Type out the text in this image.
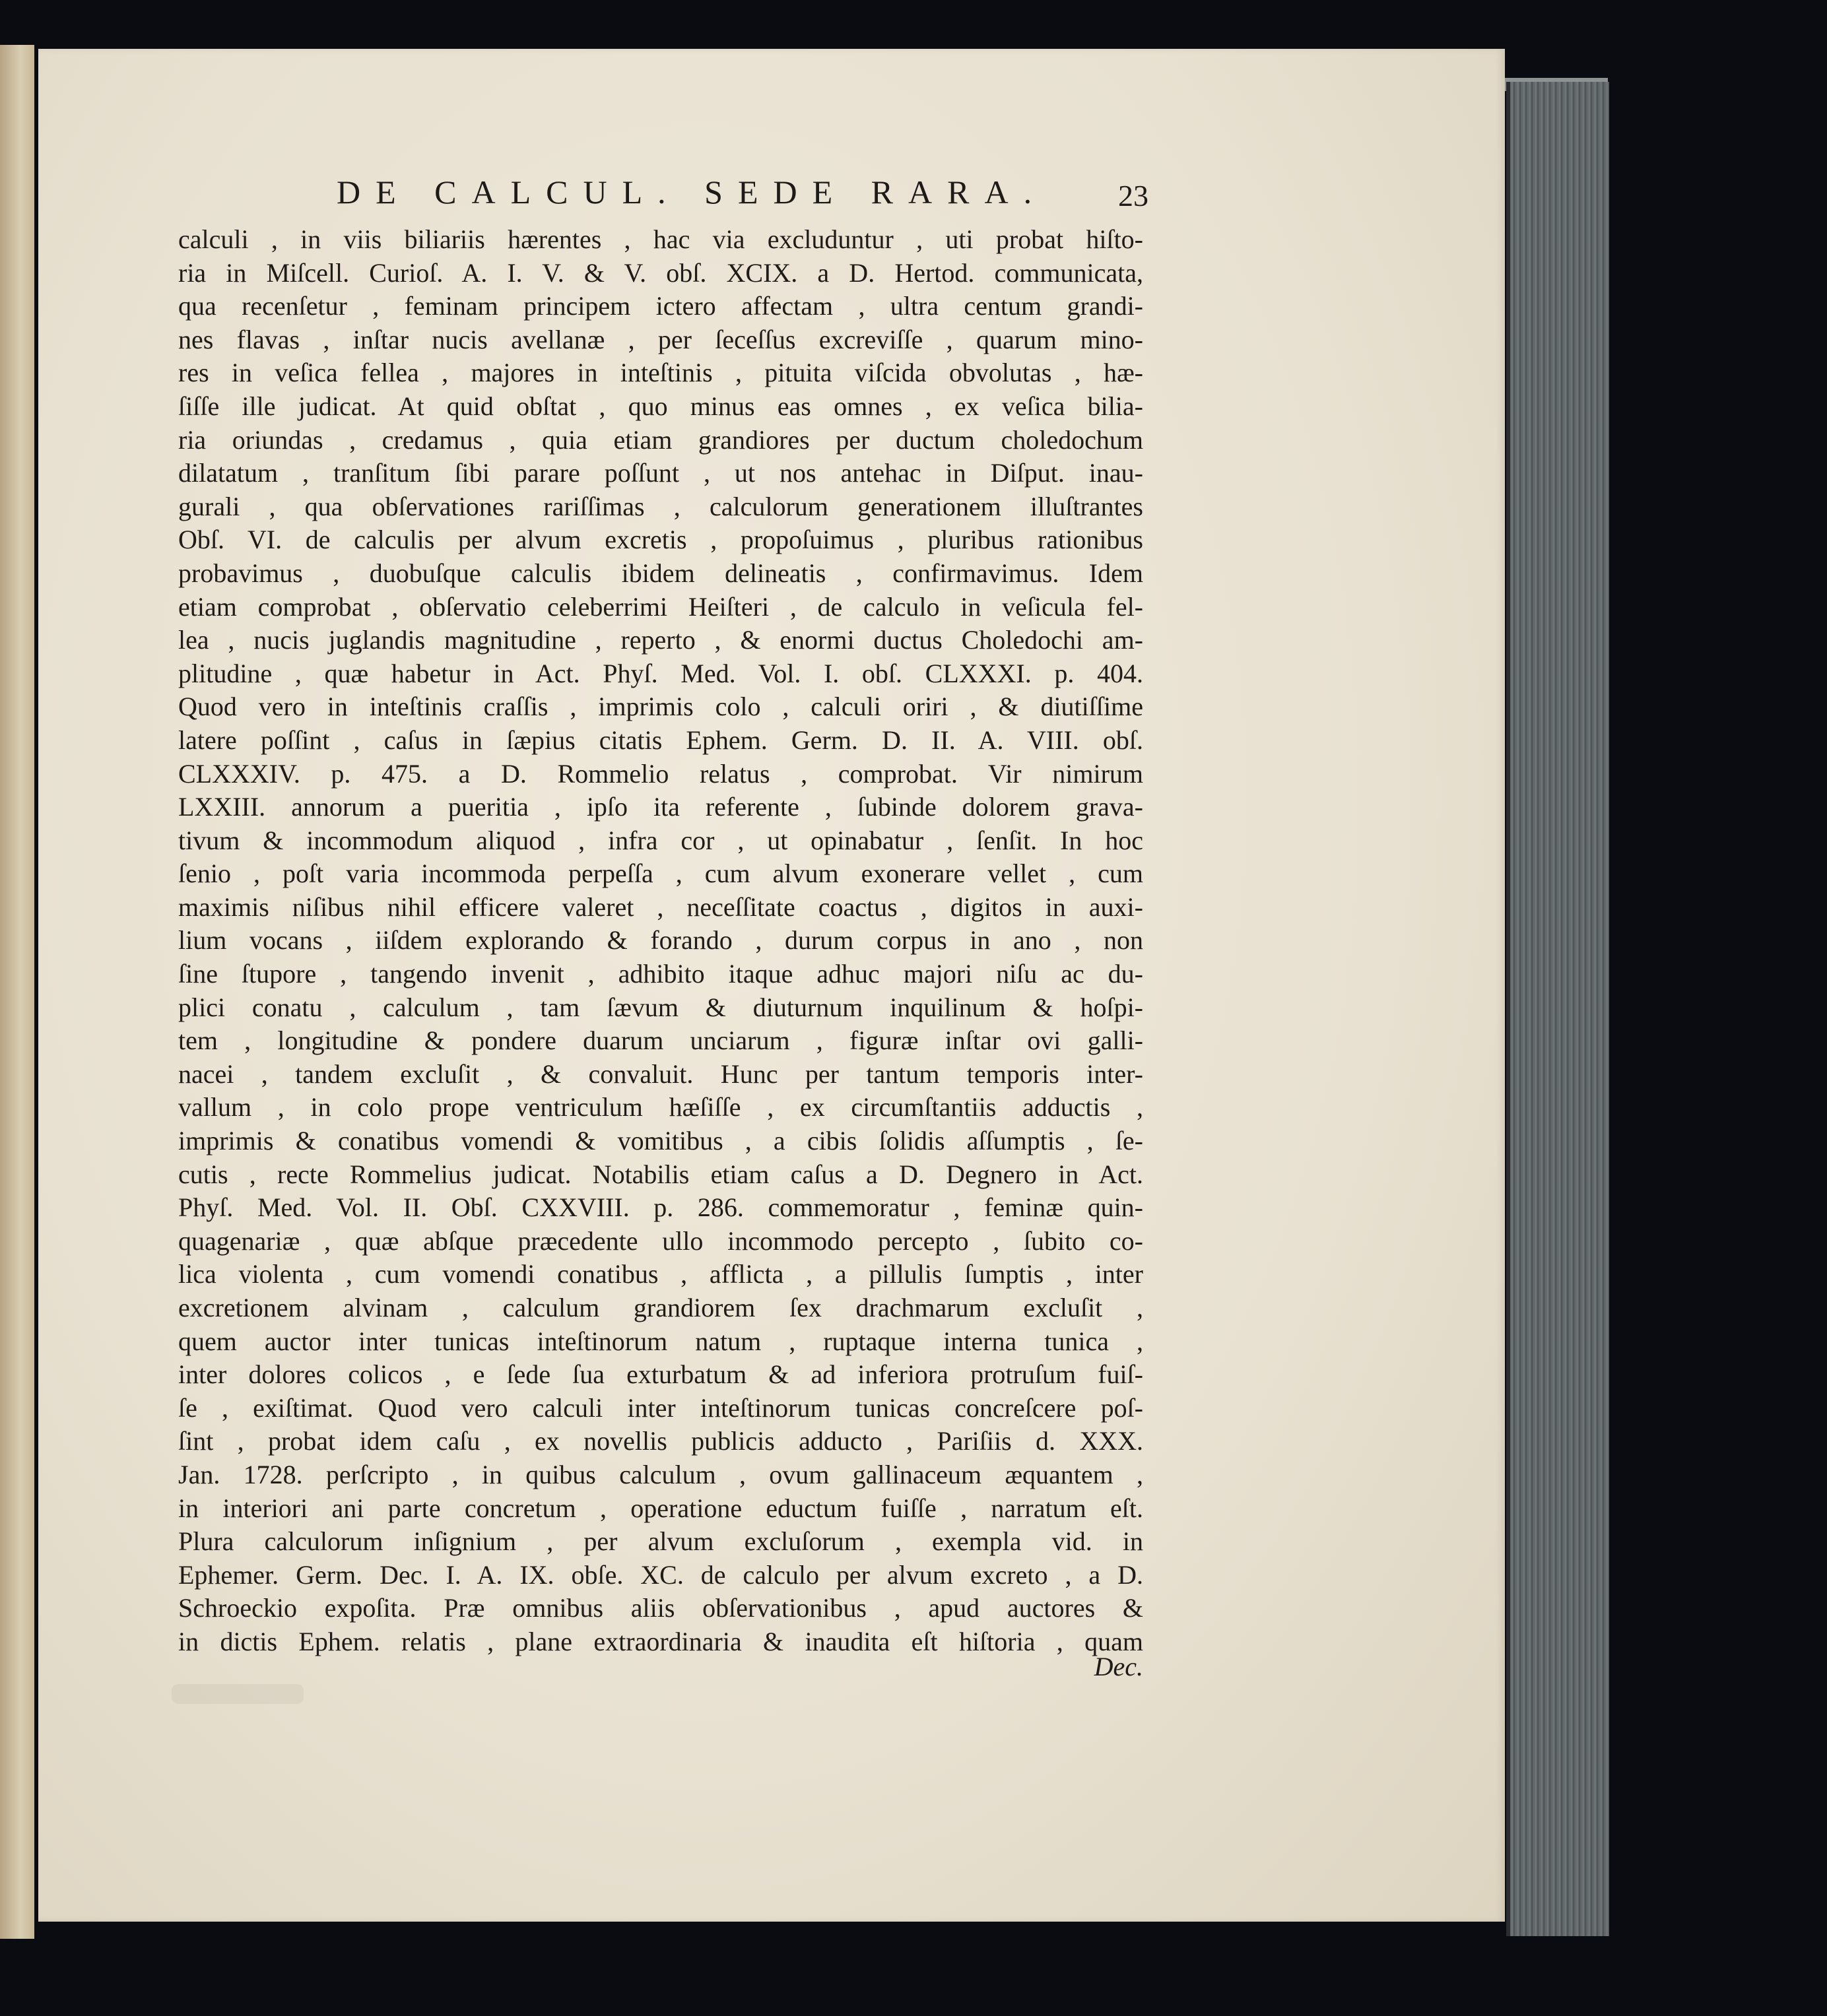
DE CALCUL. SEDE RARA. 23
calculi , in viis biliariis hærentes , hac via excluduntur , uti probat hiſto-
ria in Miſcell. Curioſ. A. I. V. & V. obſ. XCIX. a D. Hertod. communicata,
qua recenſetur , feminam principem ictero affectam , ultra centum grandi-
nes flavas , inſtar nucis avellanæ , per ſeceſſus excreviſſe , quarum mino-
res in veſica fellea , majores in inteſtinis , pituita viſcida obvolutas , hæ-
ſiſſe ille judicat. At quid obſtat , quo minus eas omnes , ex veſica bilia-
ria oriundas , credamus , quia etiam grandiores per ductum choledochum
dilatatum , tranſitum ſibi parare poſſunt , ut nos antehac in Diſput. inau-
gurali , qua obſervationes rariſſimas , calculorum generationem illuſtrantes
Obſ. VI. de calculis per alvum excretis , propoſuimus , pluribus rationibus
probavimus , duobuſque calculis ibidem delineatis , confirmavimus. Idem
etiam comprobat , obſervatio celeberrimi Heiſteri , de calculo in veſicula fel-
lea , nucis juglandis magnitudine , reperto , & enormi ductus Choledochi am-
plitudine , quæ habetur in Act. Phyſ. Med. Vol. I. obſ. CLXXXI. p. 404.
Quod vero in inteſtinis craſſis , imprimis colo , calculi oriri , & diutiſſime
latere poſſint , caſus in ſæpius citatis Ephem. Germ. D. II. A. VIII. obſ.
CLXXXIV. p. 475. a D. Rommelio relatus , comprobat. Vir nimirum
LXXIII. annorum a pueritia , ipſo ita referente , ſubinde dolorem grava-
tivum & incommodum aliquod , infra cor , ut opinabatur , ſenſit. In hoc
ſenio , poſt varia incommoda perpeſſa , cum alvum exonerare vellet , cum
maximis niſibus nihil efficere valeret , neceſſitate coactus , digitos in auxi-
lium vocans , iiſdem explorando & forando , durum corpus in ano , non
ſine ſtupore , tangendo invenit , adhibito itaque adhuc majori niſu ac du-
plici conatu , calculum , tam ſævum & diuturnum inquilinum & hoſpi-
tem , longitudine & pondere duarum unciarum , figuræ inſtar ovi galli-
nacei , tandem excluſit , & convaluit. Hunc per tantum temporis inter-
vallum , in colo prope ventriculum hæſiſſe , ex circumſtantiis adductis ,
imprimis & conatibus vomendi & vomitibus , a cibis ſolidis aſſumptis , ſe-
cutis , recte Rommelius judicat. Notabilis etiam caſus a D. Degnero in Act.
Phyſ. Med. Vol. II. Obſ. CXXVIII. p. 286. commemoratur , feminæ quin-
quagenariæ , quæ abſque præcedente ullo incommodo percepto , ſubito co-
lica violenta , cum vomendi conatibus , afflicta , a pillulis ſumptis , inter
excretionem alvinam , calculum grandiorem ſex drachmarum excluſit ,
quem auctor inter tunicas inteſtinorum natum , ruptaque interna tunica ,
inter dolores colicos , e ſede ſua exturbatum & ad inferiora protruſum fuiſ-
ſe , exiſtimat. Quod vero calculi inter inteſtinorum tunicas concreſcere poſ-
ſint , probat idem caſu , ex novellis publicis adducto , Pariſiis d. XXX.
Jan. 1728. perſcripto , in quibus calculum , ovum gallinaceum æquantem ,
in interiori ani parte concretum , operatione eductum fuiſſe , narratum eſt.
Plura calculorum inſignium , per alvum excluſorum , exempla vid. in
Ephemer. Germ. Dec. I. A. IX. obſe. XC. de calculo per alvum excreto , a D.
Schroeckio expoſita. Præ omnibus aliis obſervationibus , apud auctores &
in dictis Ephem. relatis , plane extraordinaria & inaudita eſt hiſtoria , quam
Dec.
